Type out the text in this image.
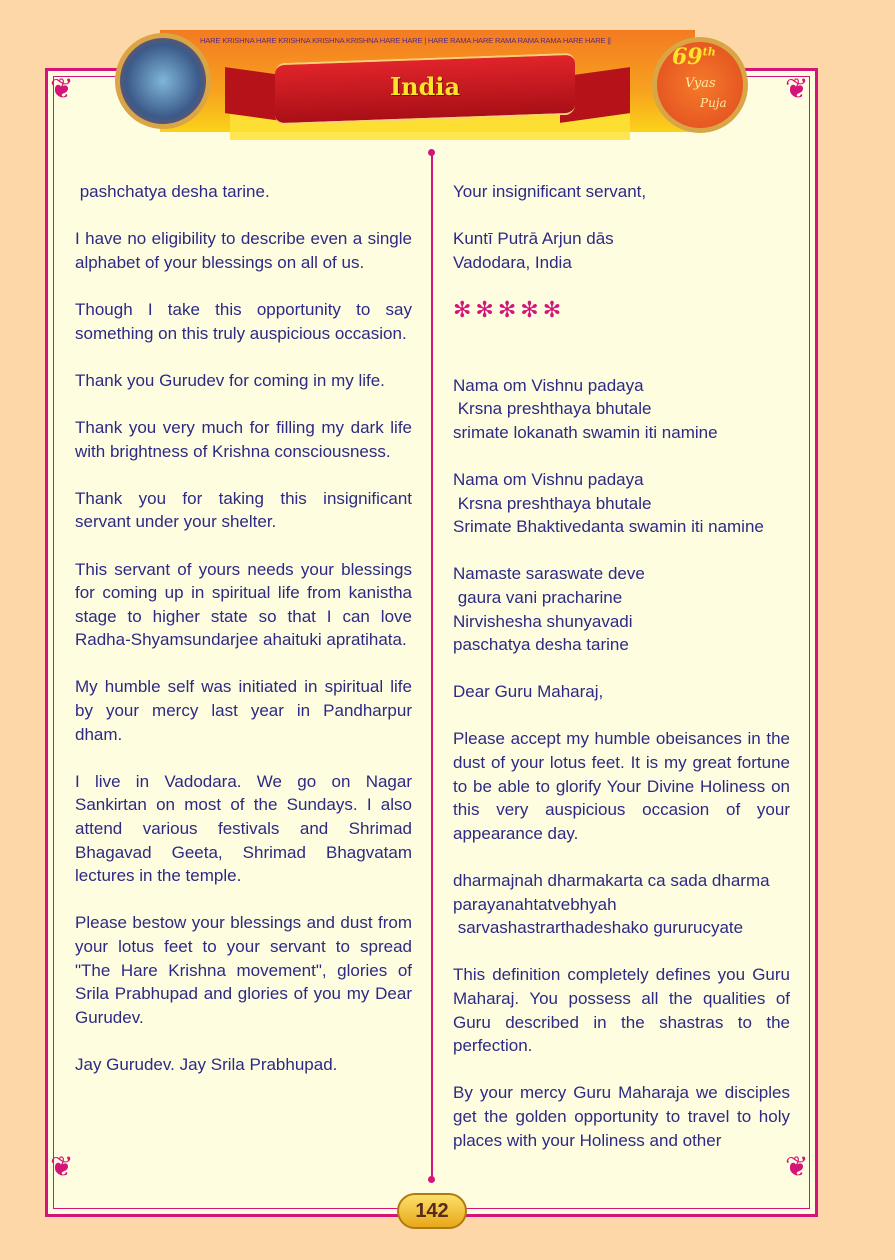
❦	❦
❦	❦
HARE KRISHNA HARE KRISHNA KRISHNA KRISHNA HARE HARE | HARE RAMA HARE RAMA RAMA RAMA HARE HARE ||
India
69th
Vyas
Puja
pashchatya desha tarine.

I have no eligibility to describe even a single alphabet of your blessings on all of us.

Though I take this opportunity to say something on this truly auspicious occasion.

Thank you Gurudev for coming in my life.

Thank you very much for filling my dark life with brightness of Krishna consciousness.

Thank you for taking this insignificant servant under your shelter.

This servant of yours needs your blessings for coming up in spiritual life from kanistha stage to higher state so that I can love Radha-Shyamsundarjee ahaituki apratihata.

My humble self was initiated in spiritual life by your mercy last year in Pandharpur dham.

I live in Vadodara. We go on Nagar Sankirtan on most of the Sundays. I also attend various festivals and Shrimad Bhagavad Geeta, Shrimad Bhagvatam lectures in the temple.

Please bestow your blessings and dust from your lotus feet to your servant to spread "The Hare Krishna movement", glories of Srila Prabhupad and glories of you my Dear Gurudev.

Jay Gurudev. Jay Srila Prabhupad.

Your insignificant servant,
Kuntī Putrā Arjun dās
Vadodara, India

✻✻✻✻✻

Nama om Vishnu padaya
Krsna preshthaya bhutale
srimate lokanath swamin iti namine
Nama om Vishnu padaya
Krsna preshthaya bhutale
Srimate Bhaktivedanta swamin iti namine
Namaste saraswate deve
gaura vani pracharine
Nirvishesha shunyavadi
paschatya desha tarine
Dear Guru Maharaj,

Please accept my humble obeisances in the dust of your lotus feet. It is my great fortune to be able to glorify Your Divine Holiness on this very auspicious occasion of your appearance day.

dharmajnah dharmakarta ca sada dharma
parayanahtatvebhyah
sarvashastrarthadeshako gururucyate

This definition completely defines you Guru Maharaj. You possess all the qualities of Guru described in the shastras to the perfection.

By your mercy Guru Maharaja we disciples get the golden opportunity to travel to holy places with your Holiness and other

142
